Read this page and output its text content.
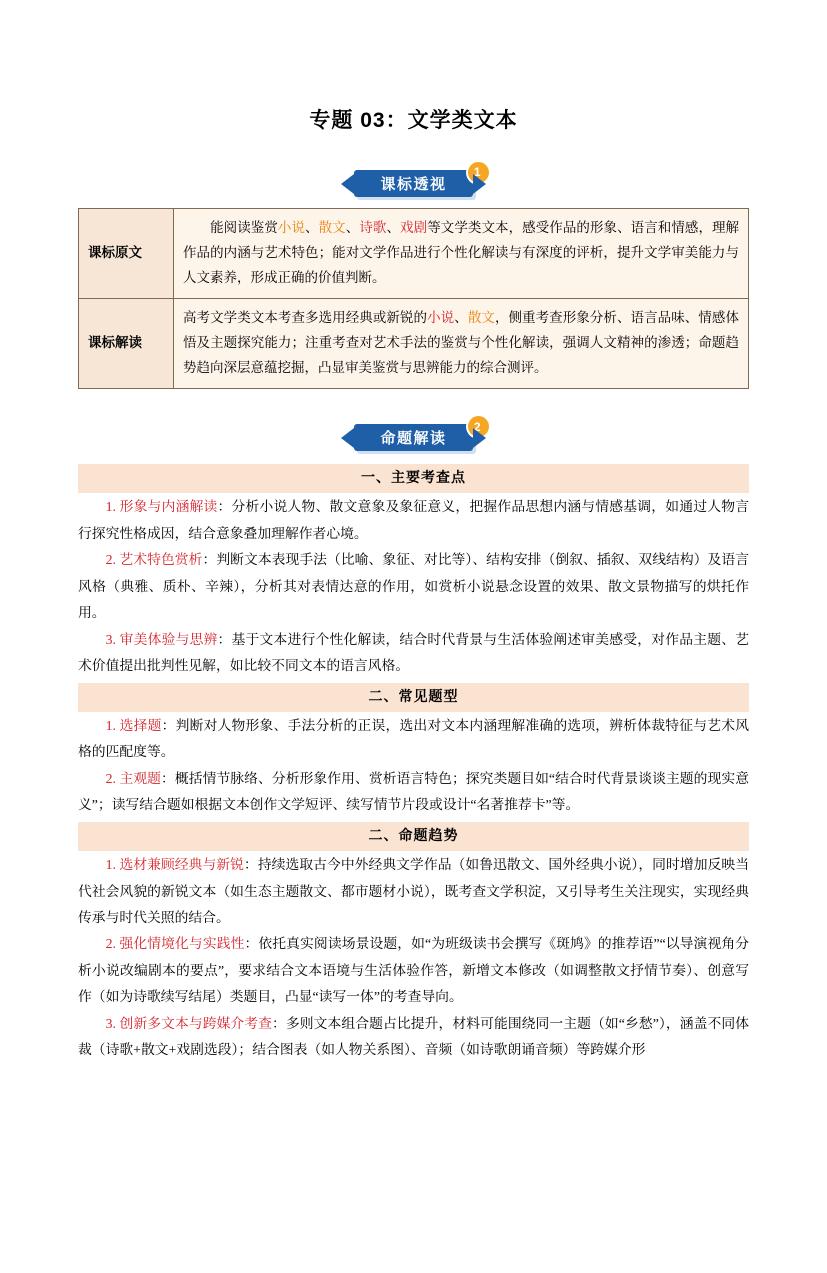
专题 03：文学类文本
课标透视
1
课标原文	能阅读鉴赏小说、散文、诗歌、戏剧等文学类文本，感受作品的形象、语言和情感，理解作品的内涵与艺术特色；能对文学作品进行个性化解读与有深度的评析，提升文学审美能力与人文素养，形成正确的价值判断。
课标解读	高考文学类文本考查多选用经典或新锐的小说、散文，侧重考查形象分析、语言品味、情感体悟及主题探究能力；注重考查对艺术手法的鉴赏与个性化解读，强调人文精神的渗透；命题趋势趋向深层意蕴挖掘，凸显审美鉴赏与思辨能力的综合测评。
命题解读
2
一、主要考查点

1. 形象与内涵解读：分析小说人物、散文意象及象征意义，把握作品思想内涵与情感基调，如通过人物言行探究性格成因，结合意象叠加理解作者心境。

2. 艺术特色赏析：判断文本表现手法（比喻、象征、对比等）、结构安排（倒叙、插叙、双线结构）及语言风格（典雅、质朴、辛辣），分析其对表情达意的作用，如赏析小说悬念设置的效果、散文景物描写的烘托作用。

3. 审美体验与思辨：基于文本进行个性化解读，结合时代背景与生活体验阐述审美感受，对作品主题、艺术价值提出批判性见解，如比较不同文本的语言风格。

二、常见题型

1. 选择题：判断对人物形象、手法分析的正误，选出对文本内涵理解准确的选项，辨析体裁特征与艺术风格的匹配度等。

2. 主观题：概括情节脉络、分析形象作用、赏析语言特色；探究类题目如“结合时代背景谈谈主题的现实意义”；读写结合题如根据文本创作文学短评、续写情节片段或设计“名著推荐卡”等。

二、命题趋势

1. 选材兼顾经典与新锐：持续选取古今中外经典文学作品（如鲁迅散文、国外经典小说），同时增加反映当代社会风貌的新锐文本（如生态主题散文、都市题材小说），既考查文学积淀，又引导考生关注现实，实现经典传承与时代关照的结合。

2. 强化情境化与实践性：依托真实阅读场景设题，如“为班级读书会撰写《斑鸠》的推荐语”“以导演视角分析小说改编剧本的要点”，要求结合文本语境与生活体验作答，新增文本修改（如调整散文抒情节奏）、创意写作（如为诗歌续写结尾）类题目，凸显“读写一体”的考查导向。

3. 创新多文本与跨媒介考查：多则文本组合题占比提升，材料可能围绕同一主题（如“乡愁”），涵盖不同体裁（诗歌+散文+戏剧选段）；结合图表（如人物关系图）、音频（如诗歌朗诵音频）等跨媒介形
